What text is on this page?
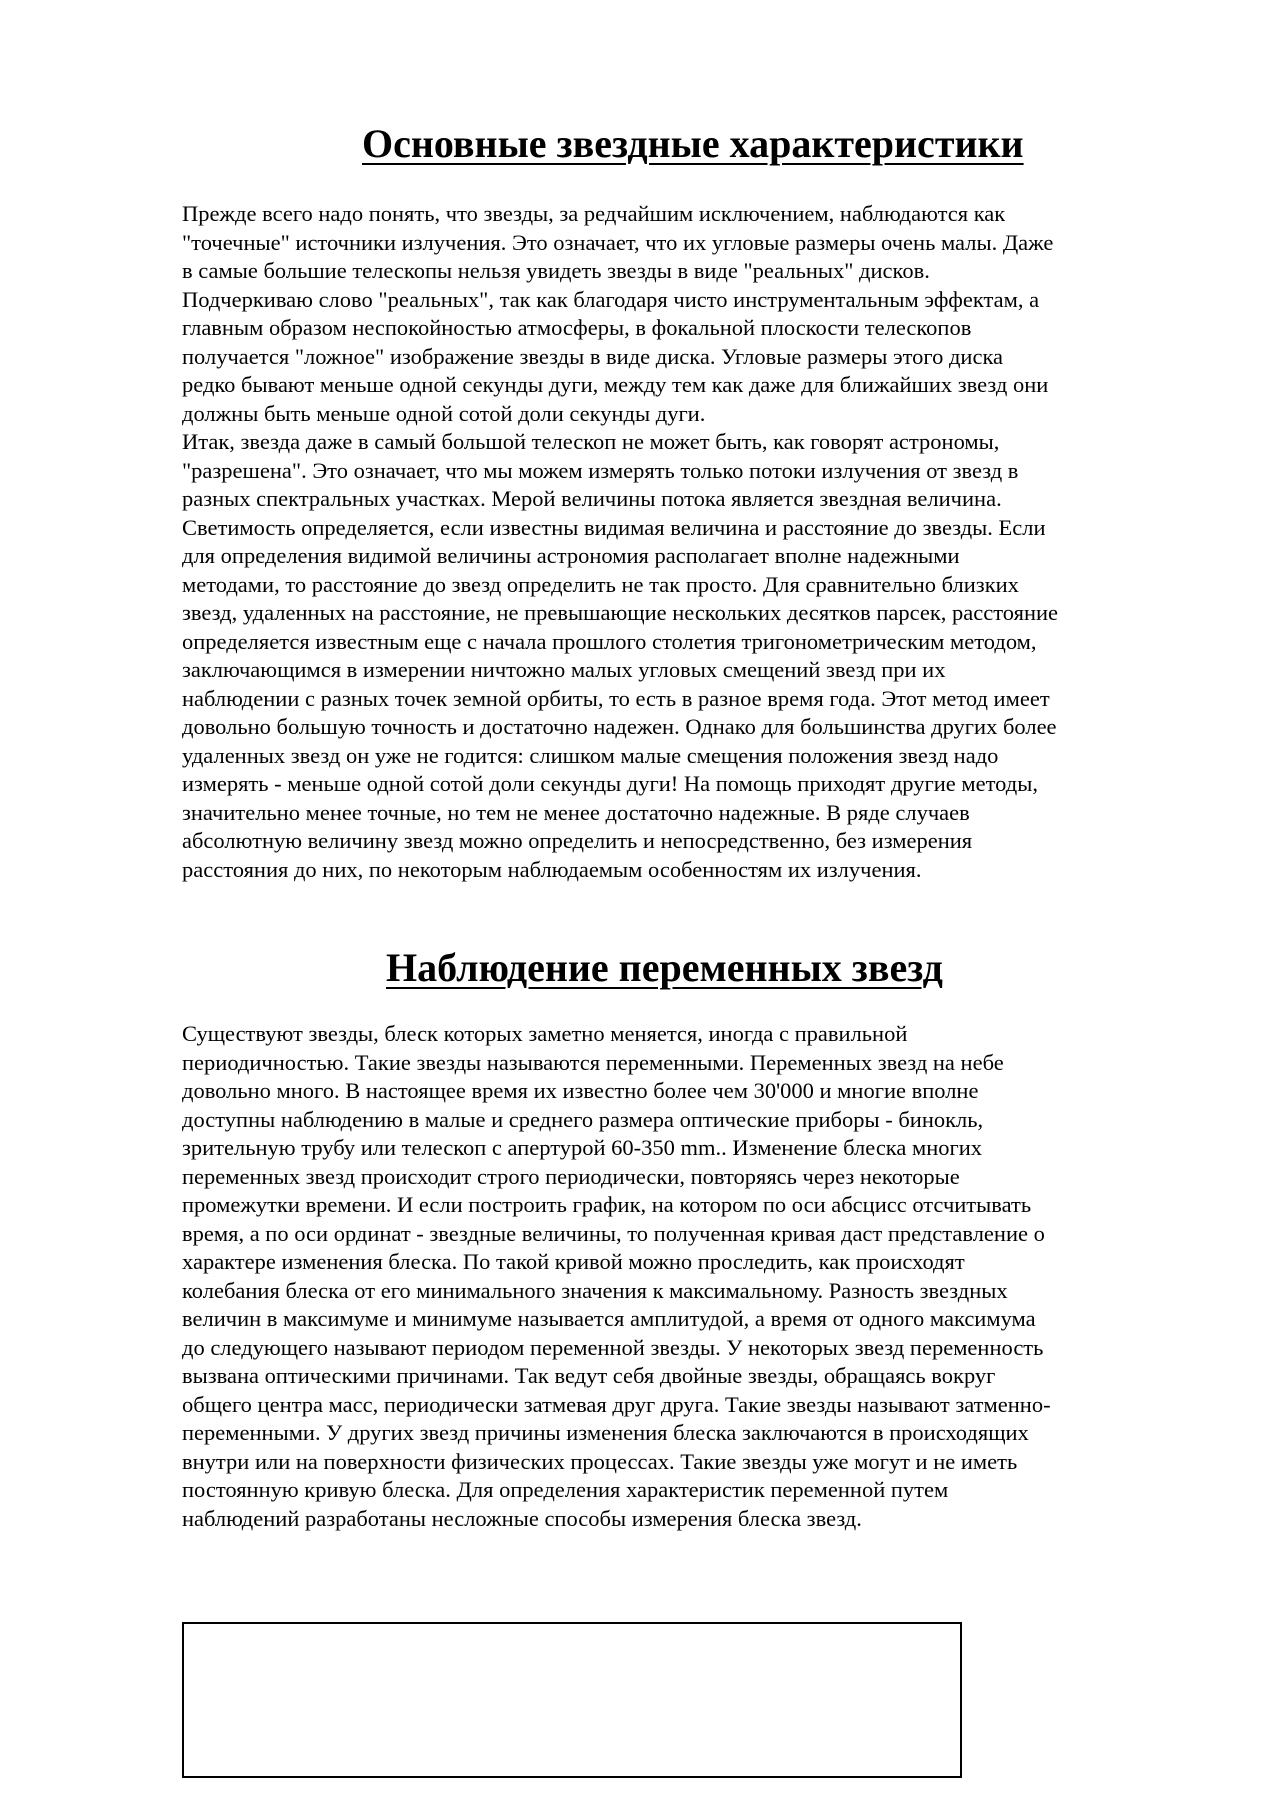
Основные звездные характеристики
Прежде всего надо понять, что звезды, за редчайшим исключением, наблюдаются как
"точечные" источники излучения. Это означает, что их угловые размеры очень малы. Даже
в самые большие телескопы нельзя увидеть звезды в виде "реальных" дисков.
Подчеркиваю слово "реальных", так как благодаря чисто инструментальным эффектам, а
главным образом неспокойностью атмосферы, в фокальной плоскости телескопов
получается "ложное" изображение звезды в виде диска. Угловые размеры этого диска
редко бывают меньше одной секунды дуги, между тем как даже для ближайших звезд они
должны быть меньше одной сотой доли секунды дуги.
Итак, звезда даже в самый большой телескоп не может быть, как говорят астрономы,
"разрешена". Это означает, что мы можем измерять только потоки излучения от звезд в
разных спектральных участках. Мерой величины потока является звездная величина.
Светимость определяется, если известны видимая величина и расстояние до звезды. Если
для определения видимой величины астрономия располагает вполне надежными
методами, то расстояние до звезд определить не так просто. Для сравнительно близких
звезд, удаленных на расстояние, не превышающие нескольких десятков парсек, расстояние
определяется известным еще с начала прошлого столетия тригонометрическим методом,
заключающимся в измерении ничтожно малых угловых смещений звезд при их
наблюдении с разных точек земной орбиты, то есть в разное время года. Этот метод имеет
довольно большую точность и достаточно надежен. Однако для большинства других более
удаленных звезд он уже не годится: слишком малые смещения положения звезд надо
измерять - меньше одной сотой доли секунды дуги! На помощь приходят другие методы,
значительно менее точные, но тем не менее достаточно надежные. В ряде случаев
абсолютную величину звезд можно определить и непосредственно, без измерения
расстояния до них, по некоторым наблюдаемым особенностям их излучения.
Наблюдение переменных звезд
Существуют звезды, блеск которых заметно меняется, иногда с правильной
периодичностью. Такие звезды называются переменными. Переменных звезд на небе
довольно много. В настоящее время их известно более чем 30'000 и многие вполне
доступны наблюдению в малые и среднего размера оптические приборы - бинокль,
зрительную трубу или телескоп с апертурой 60-350 mm.. Изменение блеска многих
переменных звезд происходит строго периодически, повторяясь через некоторые
промежутки времени. И если построить график, на котором по оси абсцисс отсчитывать
время, а по оси ординат - звездные величины, то полученная кривая даст представление о
характере изменения блеска. По такой кривой можно проследить, как происходят
колебания блеска от его минимального значения к максимальному. Разность звездных
величин в максимуме и минимуме называется амплитудой, а время от одного максимума
до следующего называют периодом переменной звезды. У некоторых звезд переменность
вызвана оптическими причинами. Так ведут себя двойные звезды, обращаясь вокруг
общего центра масс, периодически затмевая друг друга. Такие звезды называют затменно-
переменными. У других звезд причины изменения блеска заключаются в происходящих
внутри или на поверхности физических процессах. Такие звезды уже могут и не иметь
постоянную кривую блеска. Для определения характеристик переменной путем
наблюдений разработаны несложные способы измерения блеска звезд.
